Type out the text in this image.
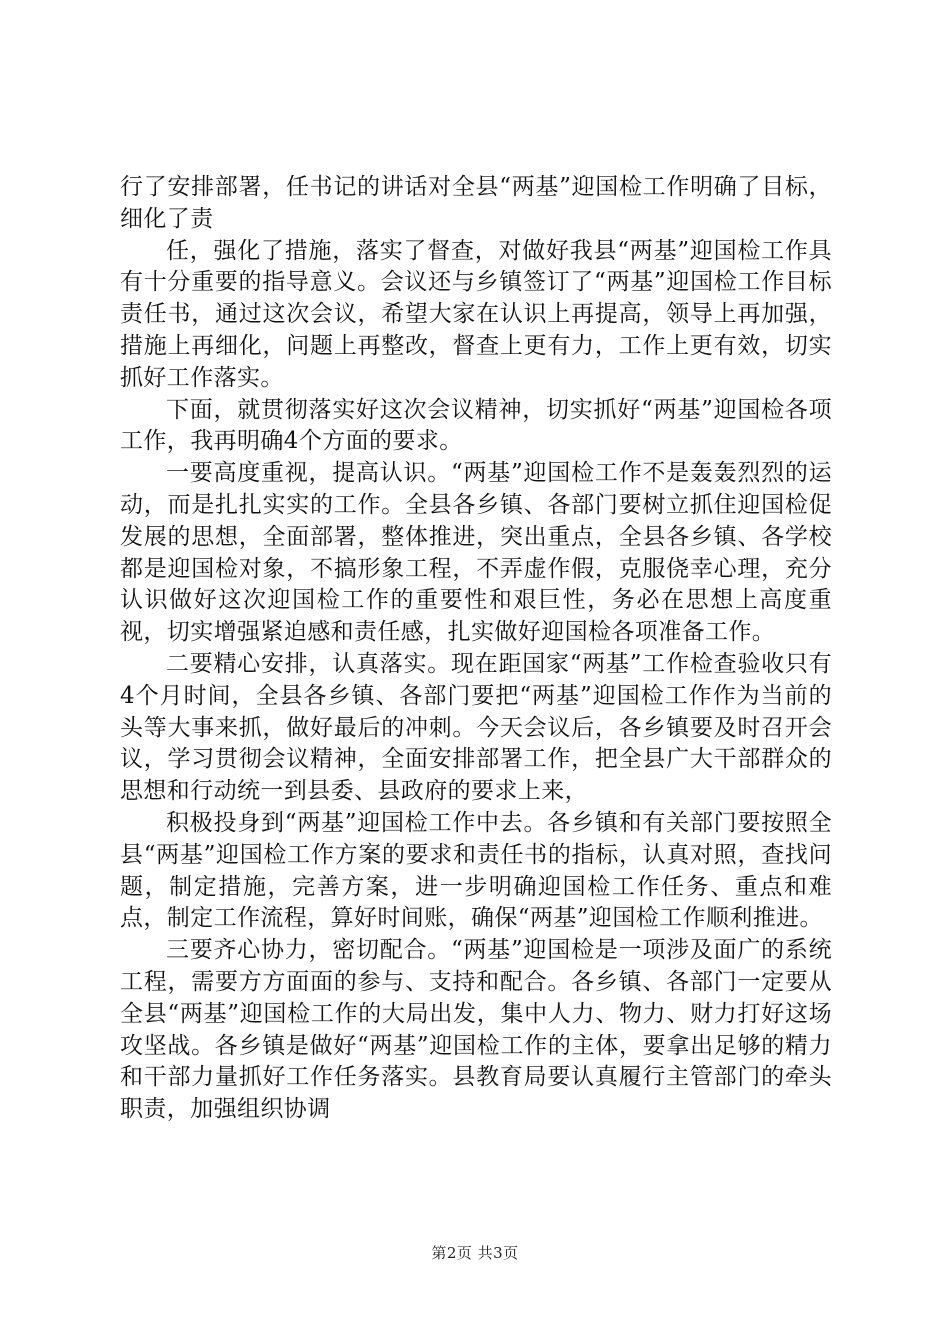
行了安排部署，任书记的讲话对全县“两基”迎国检工作明确了目标，细化了责

任，强化了措施，落实了督查，对做好我县“两基”迎国检工作具有十分重要的指导意义。会议还与乡镇签订了“两基”迎国检工作目标责任书，通过这次会议，希望大家在认识上再提高，领导上再加强，措施上再细化，问题上再整改，督查上更有力，工作上更有效，切实抓好工作落实。

下面，就贯彻落实好这次会议精神，切实抓好“两基”迎国检各项工作，我再明确4个方面的要求。

一要高度重视，提高认识。“两基”迎国检工作不是轰轰烈烈的运动，而是扎扎实实的工作。全县各乡镇、各部门要树立抓住迎国检促发展的思想，全面部署，整体推进，突出重点，全县各乡镇、各学校都是迎国检对象，不搞形象工程，不弄虚作假，克服侥幸心理，充分认识做好这次迎国检工作的重要性和艰巨性，务必在思想上高度重视，切实增强紧迫感和责任感，扎实做好迎国检各项准备工作。

二要精心安排，认真落实。现在距国家“两基”工作检查验收只有4个月时间，全县各乡镇、各部门要把“两基”迎国检工作作为当前的头等大事来抓，做好最后的冲刺。今天会议后，各乡镇要及时召开会议，学习贯彻会议精神，全面安排部署工作，把全县广大干部群众的思想和行动统一到县委、县政府的要求上来，

积极投身到“两基”迎国检工作中去。各乡镇和有关部门要按照全县“两基”迎国检工作方案的要求和责任书的指标，认真对照，查找问题，制定措施，完善方案，进一步明确迎国检工作任务、重点和难点，制定工作流程，算好时间账，确保“两基”迎国检工作顺利推进。

三要齐心协力，密切配合。“两基”迎国检是一项涉及面广的系统工程，需要方方面面的参与、支持和配合。各乡镇、各部门一定要从全县“两基”迎国检工作的大局出发，集中人力、物力、财力打好这场攻坚战。各乡镇是做好“两基”迎国检工作的主体，要拿出足够的精力和干部力量抓好工作任务落实。县教育局要认真履行主管部门的牵头职责，加强组织协调

第2页 共3页
